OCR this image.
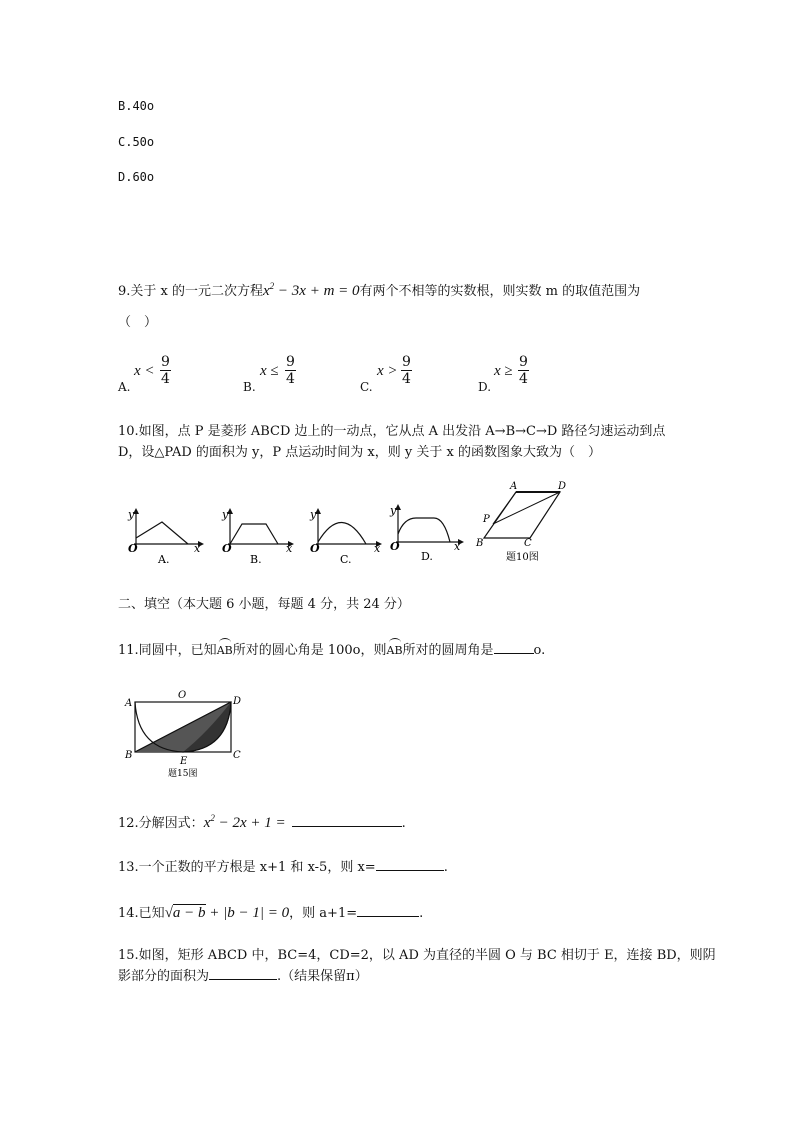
B.40o
C.50o
D.60o
9.关于 x 的一元二次方程$x^2 - 3x + m = 0$有两个不相等的实数根，则实数 m 的取值范围为
（　）
A.
$x < \frac{9}{4}$	B.
$x \le \frac{9}{4}$	C.
$x > \frac{9}{4}$	D.
$x \ge \frac{9}{4}$
10.如图，点 P 是菱形 ABCD 边上的一动点，它从点 A 出发沿 A→B→C→D 路径匀速运动到点
D，设△PAD 的面积为 y，P 点运动时间为 x，则 y 关于 x 的函数图象大致为（　）
y
O	x
A.
y
O	x
B.
y
O	x
C.
y
O	x
D.
A
B	C
D
P
题10图
二、填空（本大题 6 小题，每题 4 分，共 24 分）
11.同圆中，已知AB所对的圆心角是 100o，则AB所对的圆周角是	o.
A
O
D
B
E
C
题15图
12.分解因式：$x^2 - 2x + 1$ =	.
13.一个正数的平方根是 x+1 和 x-5，则 x=	.
14.已知√a − b + |b − 1| = 0，则 a+1=	.
15.如图，矩形 ABCD 中，BC=4，CD=2，以 AD 为直径的半圆 O 与 BC 相切于 E，连接 BD，则阴
影部分的面积为	.（结果保留π）
